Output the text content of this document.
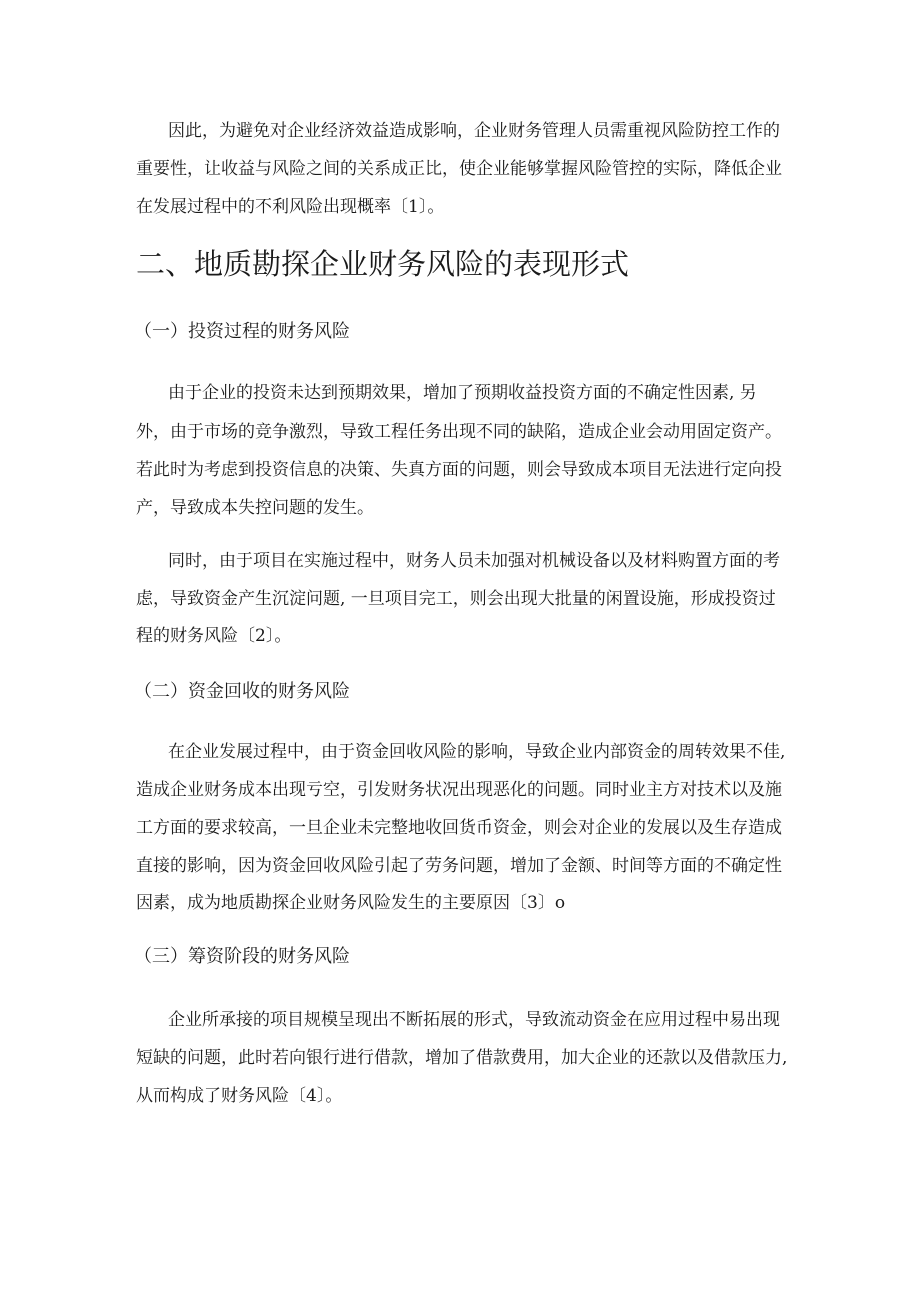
因此，为避免对企业经济效益造成影响，企业财务管理人员需重视风险防控工作的

重要性，让收益与风险之间的关系成正比，使企业能够掌握风险管控的实际，降低企业

在发展过程中的不利风险出现概率〔1〕。

二、地质勘探企业财务风险的表现形式
（一）投资过程的财务风险

由于企业的投资未达到预期效果，增加了预期收益投资方面的不确定性因素, 另

外，由于市场的竞争激烈，导致工程任务出现不同的缺陷，造成企业会动用固定资产。

若此时为考虑到投资信息的决策、失真方面的问题，则会导致成本项目无法进行定向投

产，导致成本失控问题的发生。

同时，由于项目在实施过程中，财务人员未加强对机械设备以及材料购置方面的考

虑，导致资金产生沉淀问题, 一旦项目完工，则会出现大批量的闲置设施，形成投资过

程的财务风险〔2〕。

（二）资金回收的财务风险

在企业发展过程中，由于资金回收风险的影响，导致企业内部资金的周转效果不佳,

造成企业财务成本出现亏空，引发财务状况出现恶化的问题。同时业主方对技术以及施

工方面的要求较高，一旦企业未完整地收回货币资金，则会对企业的发展以及生存造成

直接的影响，因为资金回收风险引起了劳务问题，增加了金额、时间等方面的不确定性

因素，成为地质勘探企业财务风险发生的主要原因〔3〕o

（三）筹资阶段的财务风险

企业所承接的项目规模呈现出不断拓展的形式，导致流动资金在应用过程中易出现

短缺的问题，此时若向银行进行借款，增加了借款费用，加大企业的还款以及借款压力,

从而构成了财务风险〔4〕。
